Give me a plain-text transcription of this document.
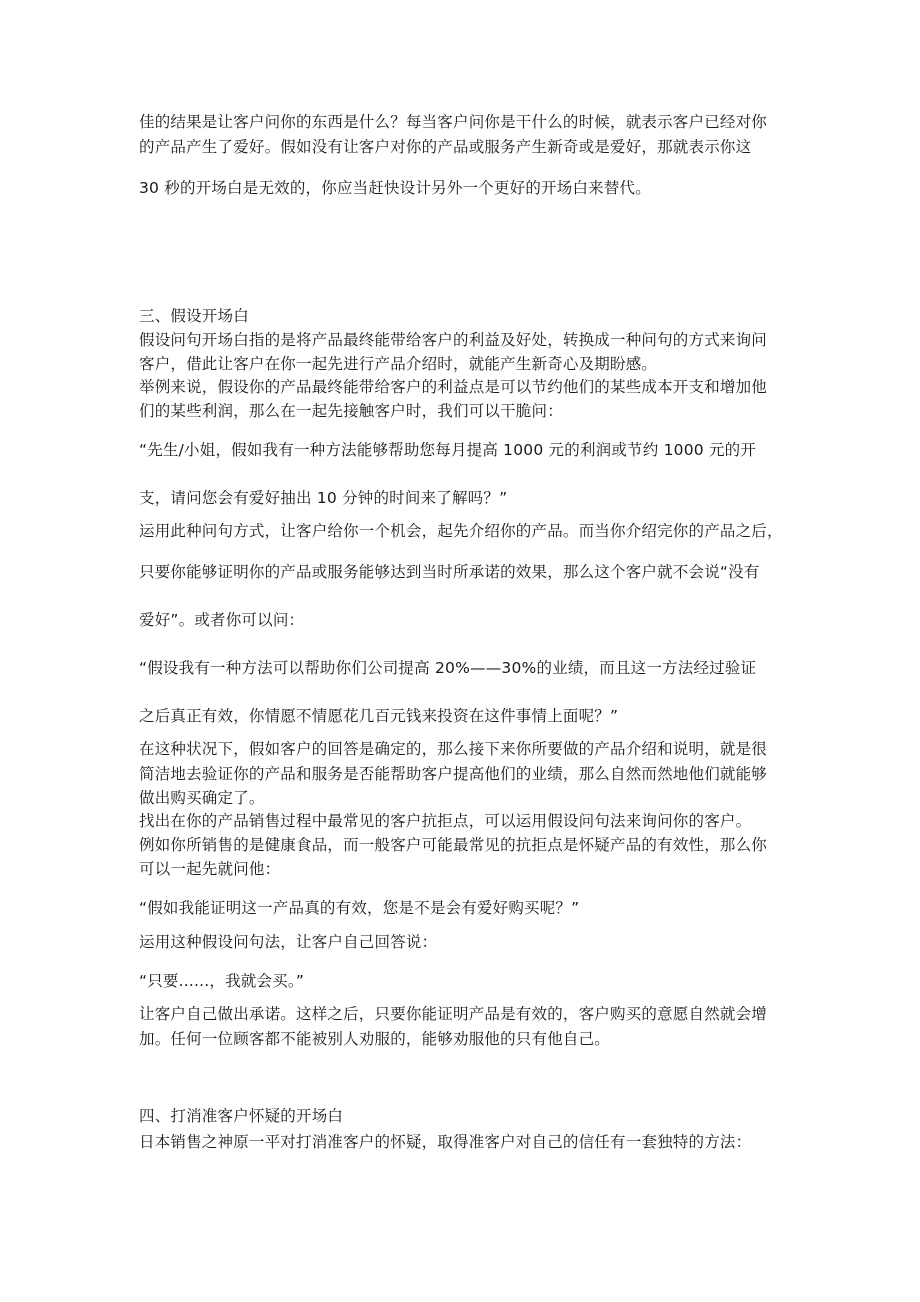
佳的结果是让客户问你的东西是什么？每当客户问你是干什么的时候，就表示客户已经对你

的产品产生了爱好。假如没有让客户对你的产品或服务产生新奇或是爱好，那就表示你这

30 秒的开场白是无效的，你应当赶快设计另外一个更好的开场白来替代。

三、假设开场白

假设问句开场白指的是将产品最终能带给客户的利益及好处，转换成一种问句的方式来询问

客户，借此让客户在你一起先进行产品介绍时，就能产生新奇心及期盼感。

举例来说，假设你的产品最终能带给客户的利益点是可以节约他们的某些成本开支和增加他

们的某些利润，那么在一起先接触客户时，我们可以干脆问：

“先生/小姐，假如我有一种方法能够帮助您每月提高 1000 元的利润或节约 1000 元的开

支，请问您会有爱好抽出 10 分钟的时间来了解吗？”

运用此种问句方式，让客户给你一个机会，起先介绍你的产品。而当你介绍完你的产品之后，

只要你能够证明你的产品或服务能够达到当时所承诺的效果，那么这个客户就不会说“没有

爱好”。或者你可以问：

“假设我有一种方法可以帮助你们公司提高 20%——30%的业绩，而且这一方法经过验证

之后真正有效，你情愿不情愿花几百元钱来投资在这件事情上面呢？”

在这种状况下，假如客户的回答是确定的，那么接下来你所要做的产品介绍和说明，就是很

简洁地去验证你的产品和服务是否能帮助客户提高他们的业绩，那么自然而然地他们就能够

做出购买确定了。

找出在你的产品销售过程中最常见的客户抗拒点，可以运用假设问句法来询问你的客户。

例如你所销售的是健康食品，而一般客户可能最常见的抗拒点是怀疑产品的有效性，那么你

可以一起先就问他：

“假如我能证明这一产品真的有效，您是不是会有爱好购买呢？”

运用这种假设问句法，让客户自己回答说：

“只要......，我就会买。”

让客户自己做出承诺。这样之后，只要你能证明产品是有效的，客户购买的意愿自然就会增

加。任何一位顾客都不能被别人劝服的，能够劝服他的只有他自己。

四、打消准客户怀疑的开场白

日本销售之神原一平对打消准客户的怀疑，取得准客户对自己的信任有一套独特的方法：
